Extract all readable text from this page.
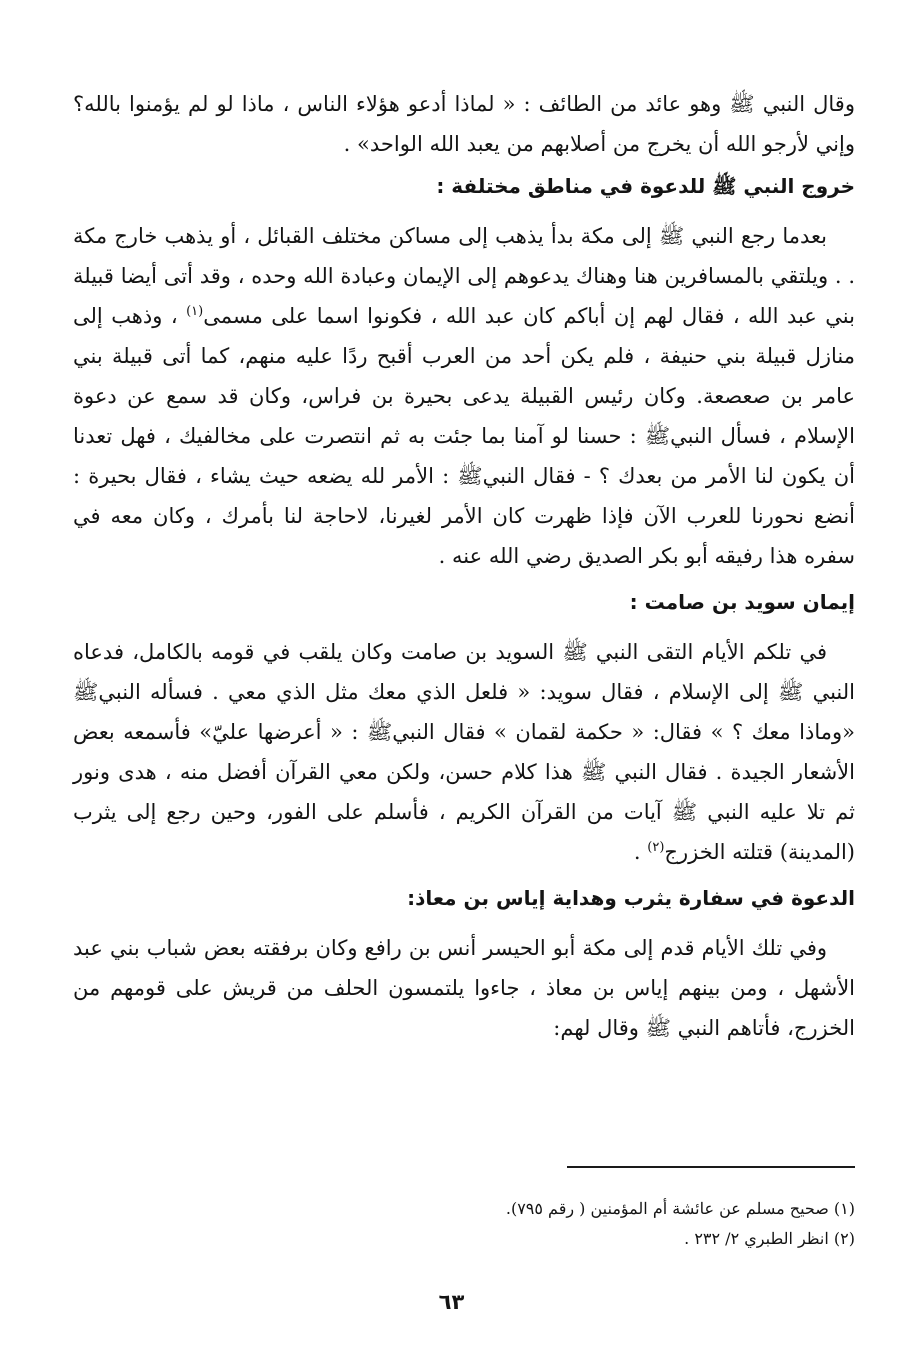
وقال النبي ﷺ وهو عائد من الطائف : « لماذا أدعو هؤلاء الناس ، ماذا لو لم يؤمنوا بالله؟ وإني لأرجو الله أن يخرج من أصلابهم من يعبد الله الواحد» .

خروج النبي ﷺ للدعوة في مناطق مختلفة :

بعدما رجع النبي ﷺ إلى مكة بدأ يذهب إلى مساكن مختلف القبائل ، أو يذهب خارج مكة . . ويلتقي بالمسافرين هنا وهناك يدعوهم إلى الإيمان وعبادة الله وحده ، وقد أتى أيضا قبيلة بني عبد الله ، فقال لهم إن أباكم كان عبد الله ، فكونوا اسما على مسمى$^{(١)}$ ، وذهب إلى منازل قبيلة بني حنيفة ، فلم يكن أحد من العرب أقبح ردًا عليه منهم، كما أتى قبيلة بني عامر بن صعصعة. وكان رئيس القبيلة يدعى بحيرة بن فراس، وكان قد سمع عن دعوة الإسلام ، فسأل النبيﷺ : حسنا لو آمنا بما جئت به ثم انتصرت على مخالفيك ، فهل تعدنا أن يكون لنا الأمر من بعدك ؟ - فقال النبيﷺ : الأمر لله يضعه حيث يشاء ، فقال بحيرة : أنضع نحورنا للعرب الآن فإذا ظهرت كان الأمر لغيرنا، لاحاجة لنا بأمرك ، وكان معه في سفره هذا رفيقه أبو بكر الصديق رضي الله عنه .

إيمان سويد بن صامت :

في تلكم الأيام التقى النبي ﷺ السويد بن صامت وكان يلقب في قومه بالكامل، فدعاه النبي ﷺ إلى الإسلام ، فقال سويد: « فلعل الذي معك مثل الذي معي . فسأله النبيﷺ «وماذا معك ؟ » فقال: « حكمة لقمان » فقال النبيﷺ : « أعرضها عليّ» فأسمعه بعض الأشعار الجيدة . فقال النبي ﷺ هذا كلام حسن، ولكن معي القرآن أفضل منه ، هدى ونور ثم تلا عليه النبي ﷺ آيات من القرآن الكريم ، فأسلم على الفور، وحين رجع إلى يثرب (المدينة) قتلته الخزرج$^{(٢)}$ .

الدعوة في سفارة يثرب وهداية إياس بن معاذ:

وفي تلك الأيام قدم إلى مكة أبو الحيسر أنس بن رافع وكان برفقته بعض شباب بني عبد الأشهل ، ومن بينهم إياس بن معاذ ، جاءوا يلتمسون الحلف من قريش على قومهم من الخزرج، فأتاهم النبي ﷺ وقال لهم:

(١) صحيح مسلم عن عائشة أم المؤمنين ( رقم ٧٩٥).

(٢) انظر الطبري ٢/ ٢٣٢ .

٦٣
